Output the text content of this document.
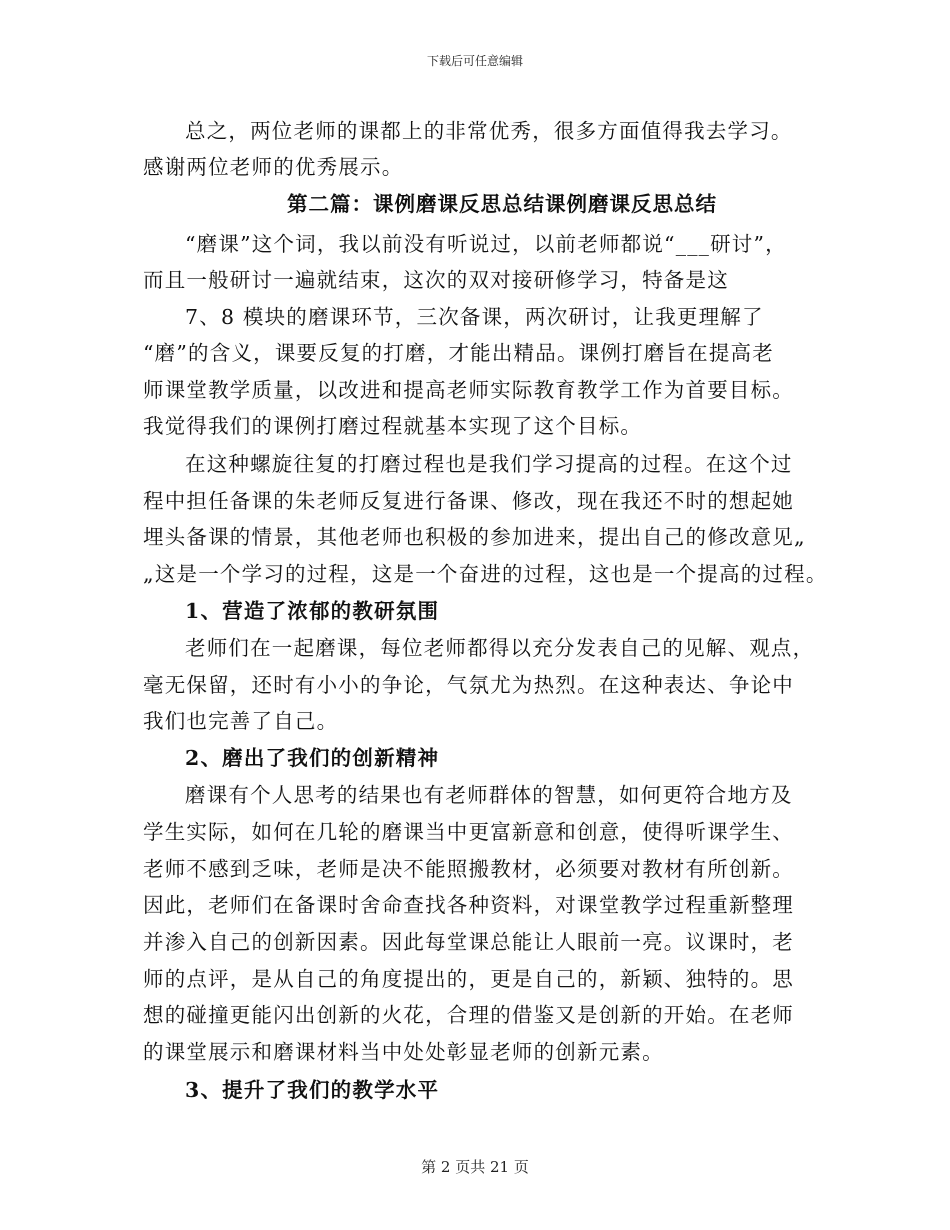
下载后可任意编辑
总之，两位老师的课都上的非常优秀，很多方面值得我去学习。
感谢两位老师的优秀展示。
第二篇：课例磨课反思总结课例磨课反思总结
“磨课”这个词，我以前没有听说过，以前老师都说“___研讨”，
而且一般研讨一遍就结束，这次的双对接研修学习，特备是这
7、8 模块的磨课环节，三次备课，两次研讨，让我更理解了
“磨”的含义，课要反复的打磨，才能出精品。课例打磨旨在提高老
师课堂教学质量，以改进和提高老师实际教育教学工作为首要目标。
我觉得我们的课例打磨过程就基本实现了这个目标。
在这种螺旋往复的打磨过程也是我们学习提高的过程。在这个过
程中担任备课的朱老师反复进行备课、修改，现在我还不时的想起她
埋头备课的情景，其他老师也积极的参加进来，提出自己的修改意见„
„这是一个学习的过程，这是一个奋进的过程，这也是一个提高的过程。
1、营造了浓郁的教研氛围
老师们在一起磨课，每位老师都得以充分发表自己的见解、观点，
毫无保留，还时有小小的争论，气氛尤为热烈。在这种表达、争论中
我们也完善了自己。
2、磨出了我们的创新精神
磨课有个人思考的结果也有老师群体的智慧，如何更符合地方及
学生实际，如何在几轮的磨课当中更富新意和创意，使得听课学生、
老师不感到乏味，老师是决不能照搬教材，必须要对教材有所创新。
因此，老师们在备课时舍命查找各种资料，对课堂教学过程重新整理
并渗入自己的创新因素。因此每堂课总能让人眼前一亮。议课时，老
师的点评，是从自己的角度提出的，更是自己的，新颖、独特的。思
想的碰撞更能闪出创新的火花，合理的借鉴又是创新的开始。在老师
的课堂展示和磨课材料当中处处彰显老师的创新元素。
3、提升了我们的教学水平
第 2 页共 21 页
